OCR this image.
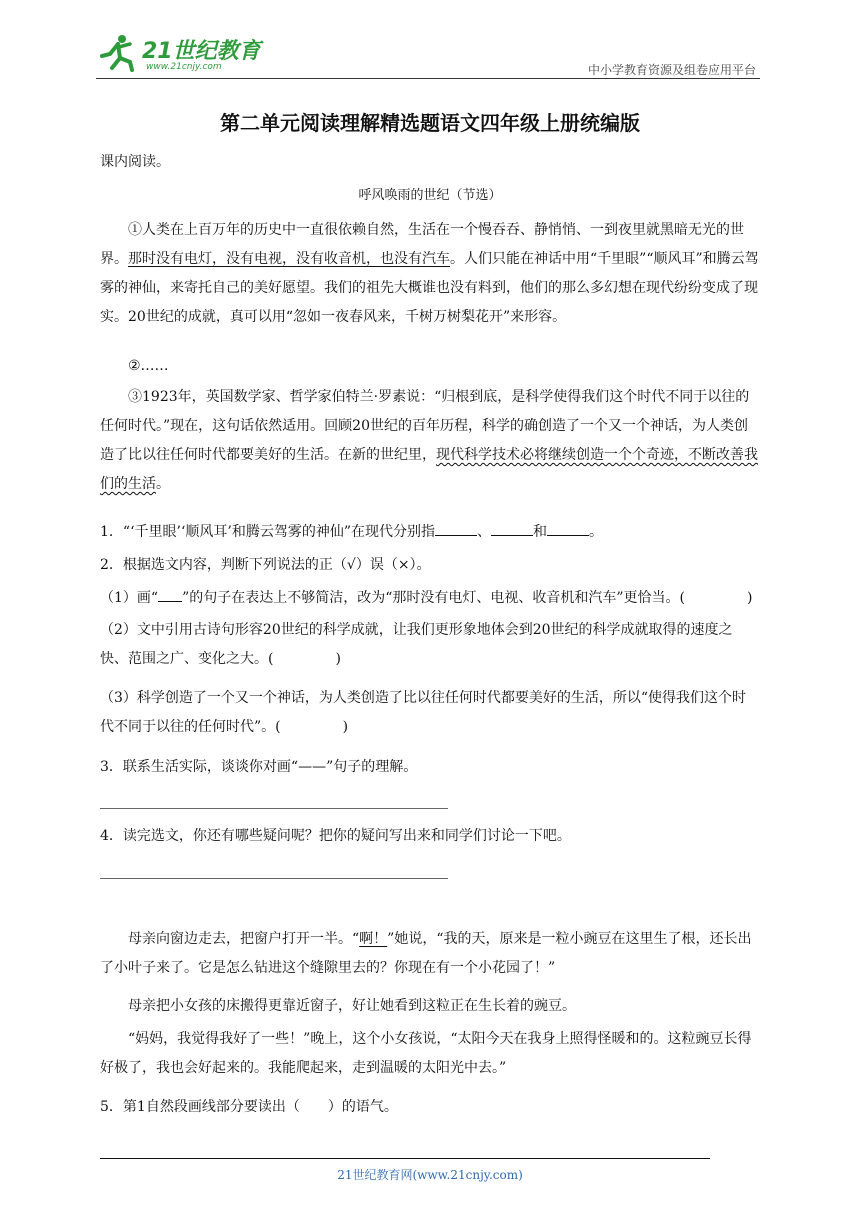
21世纪教育
www.21cnjy.com	中小学教育资源及组卷应用平台
第二单元阅读理解精选题语文四年级上册统编版
课内阅读。
呼风唤雨的世纪（节选）
①人类在上百万年的历史中一直很依赖自然，生活在一个慢吞吞、静悄悄、一到夜里就黑暗无光的世界。那时没有电灯，没有电视，没有收音机，也没有汽车。人们只能在神话中用“千里眼”“顺风耳”和腾云驾雾的神仙，来寄托自己的美好愿望。我们的祖先大概谁也没有料到，他们的那么多幻想在现代纷纷变成了现实。20世纪的成就，真可以用“忽如一夜春风来，千树万树梨花开”来形容。
②……
③1923年，英国数学家、哲学家伯特兰·罗素说：“归根到底，是科学使得我们这个时代不同于以往的任何时代。”现在，这句话依然适用。回顾20世纪的百年历程，科学的确创造了一个又一个神话，为人类创造了比以往任何时代都要美好的生活。在新的世纪里，现代科学技术必将继续创造一个个奇迹，不断改善我们的生活。
1．“‘千里眼’‘顺风耳’和腾云驾雾的神仙”在现代分别指	、	和	。
2．根据选文内容，判断下列说法的正（√）误（×）。
（1）画“ ”的句子在表达上不够简洁，改为“那时没有电灯、电视、收音机和汽车”更恰当。(	)
（2）文中引用古诗句形容20世纪的科学成就，让我们更形象地体会到20世纪的科学成就取得的速度之快、范围之广、变化之大。(	)
（3）科学创造了一个又一个神话，为人类创造了比以往任何时代都要美好的生活，所以“使得我们这个时代不同于以往的任何时代”。(	)
3．联系生活实际，谈谈你对画“——”句子的理解。
4．读完选文，你还有哪些疑问呢？把你的疑问写出来和同学们讨论一下吧。
母亲向窗边走去，把窗户打开一半。“啊！”她说，“我的天，原来是一粒小豌豆在这里生了根，还长出了小叶子来了。它是怎么钻进这个缝隙里去的？你现在有一个小花园了！”
母亲把小女孩的床搬得更靠近窗子，好让她看到这粒正在生长着的豌豆。
“妈妈，我觉得我好了一些！”晚上，这个小女孩说，“太阳今天在我身上照得怪暖和的。这粒豌豆长得好极了，我也会好起来的。我能爬起来，走到温暖的太阳光中去。”
5．第1自然段画线部分要读出（　　）的语气。
21世纪教育网(www.21cnjy.com)
